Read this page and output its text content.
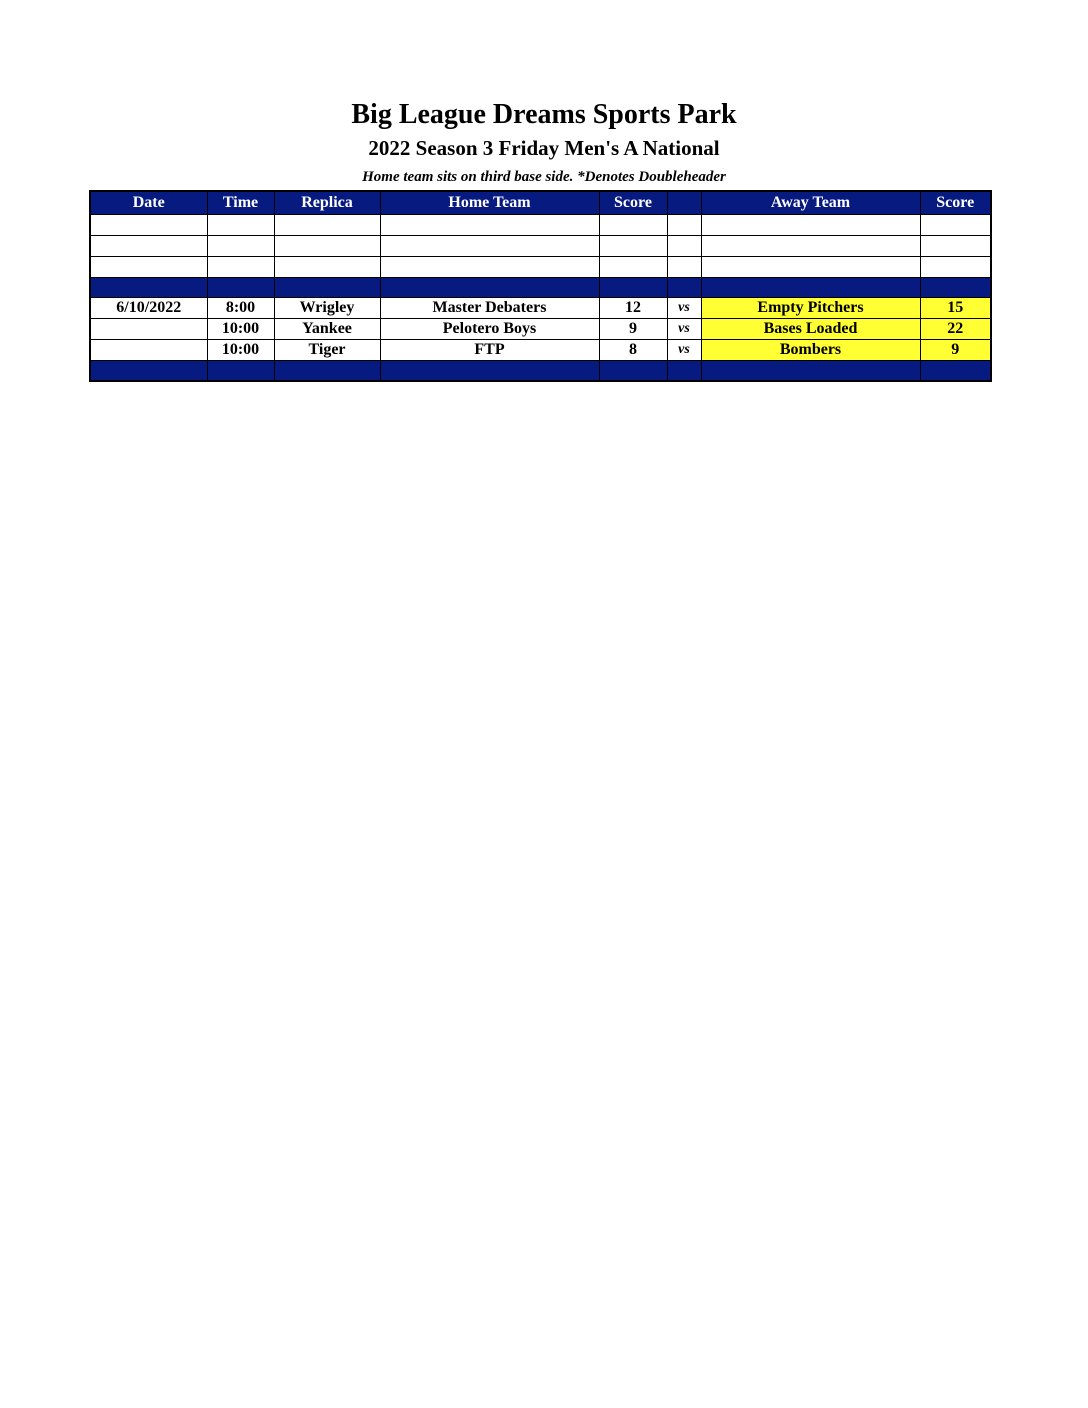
Big League Dreams Sports Park
2022 Season 3 Friday Men's A National
Home team sits on third base side. *Denotes Doubleheader
Date	Time	Replica	Home Team	Score		Away Team	Score

6/10/2022	8:00	Wrigley	Master Debaters	12	vs	Empty Pitchers	15
	10:00	Yankee	Pelotero Boys	9	vs	Bases Loaded	22
	10:00	Tiger	FTP	8	vs	Bombers	9
